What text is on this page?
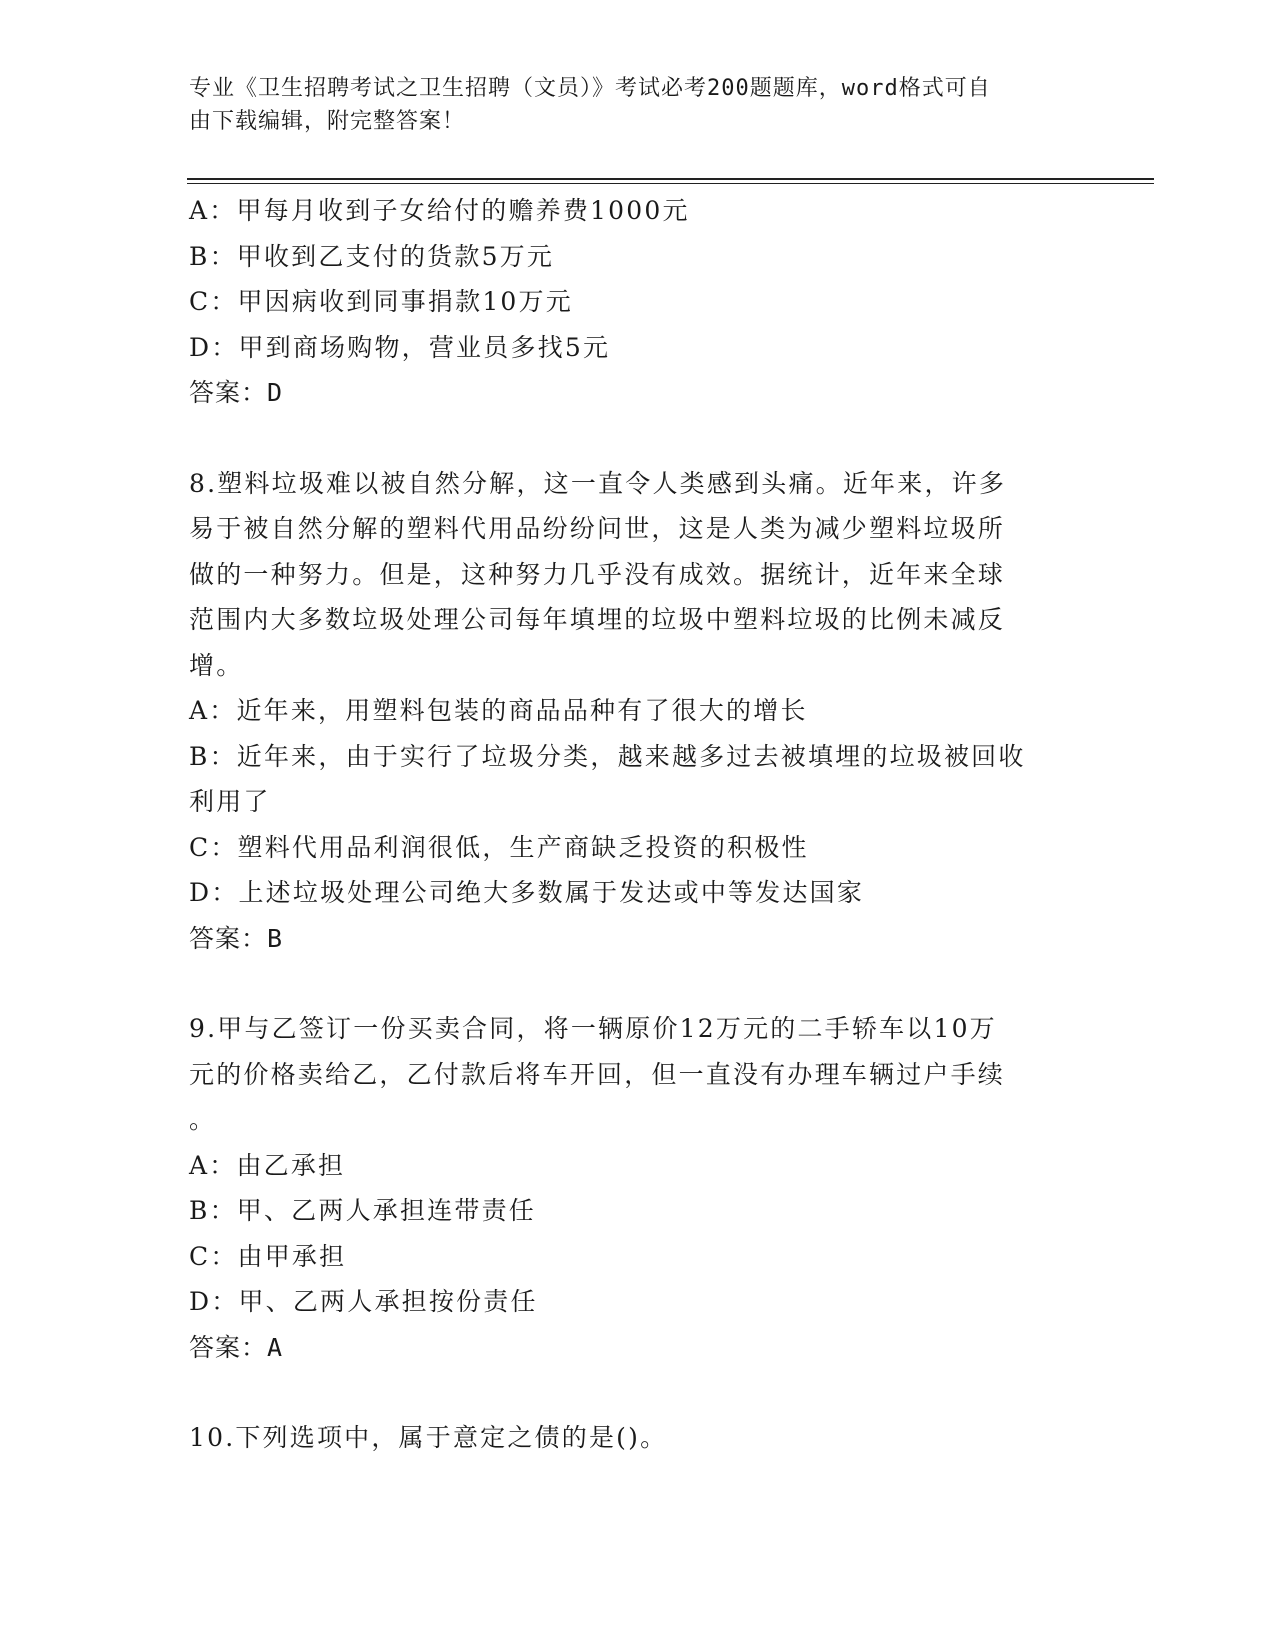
专业《卫生招聘考试之卫生招聘（文员）》考试必考200题题库，word格式可自
由下载编辑，附完整答案！
A：甲每月收到子女给付的赡养费1000元
B：甲收到乙支付的货款5万元
C：甲因病收到同事捐款10万元
D：甲到商场购物，营业员多找5元
答案：D
8.塑料垃圾难以被自然分解，这一直令人类感到头痛。近年来，许多
易于被自然分解的塑料代用品纷纷问世，这是人类为减少塑料垃圾所
做的一种努力。但是，这种努力几乎没有成效。据统计，近年来全球
范围内大多数垃圾处理公司每年填埋的垃圾中塑料垃圾的比例未减反
增。
A：近年来，用塑料包装的商品品种有了很大的增长
B：近年来，由于实行了垃圾分类，越来越多过去被填埋的垃圾被回收
利用了
C：塑料代用品利润很低，生产商缺乏投资的积极性
D：上述垃圾处理公司绝大多数属于发达或中等发达国家
答案：B
9.甲与乙签订一份买卖合同，将一辆原价12万元的二手轿车以10万
元的价格卖给乙，乙付款后将车开回，但一直没有办理车辆过户手续
。
A：由乙承担
B：甲、乙两人承担连带责任
C：由甲承担
D：甲、乙两人承担按份责任
答案：A
10.下列选项中，属于意定之债的是()。
